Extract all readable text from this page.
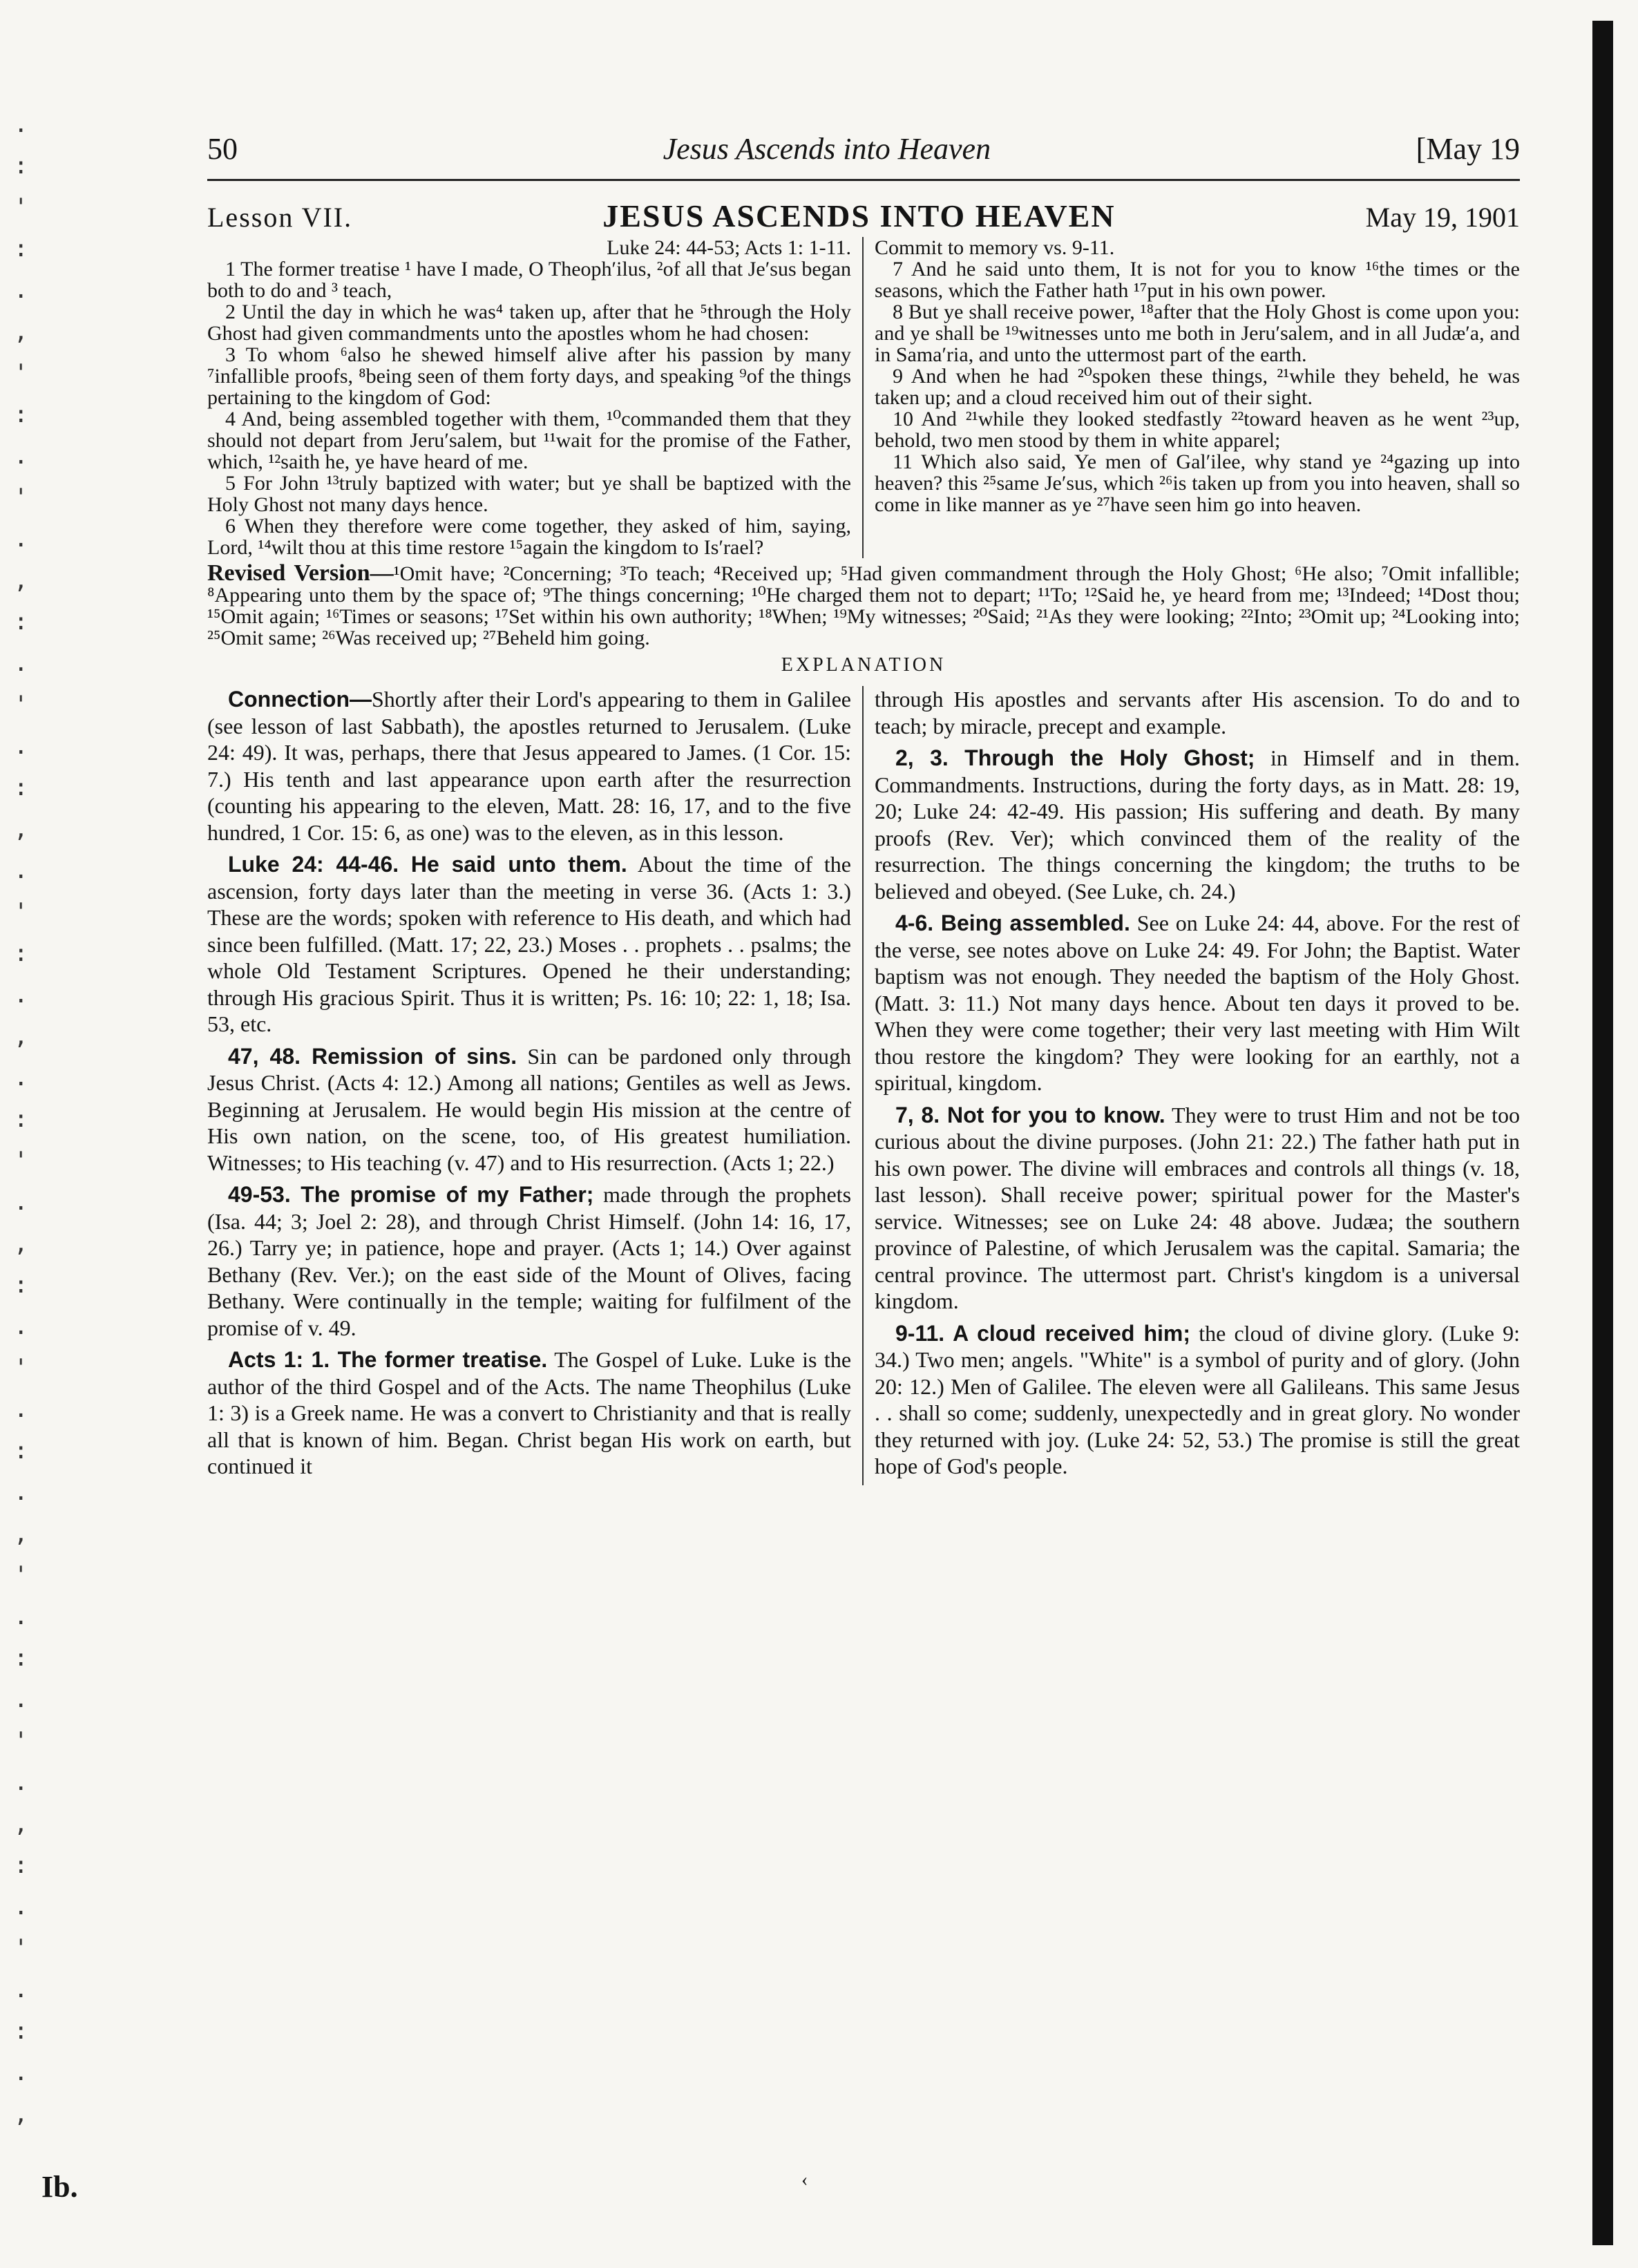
.
:
'
:
.
,
'
:
.
'
.
,
:
.
'
.
:
,
.
'
:
.
,
.
:
'
.
,
:
.
'
.
:
.
,
'
.
:
.
'
.
,
:
.
'
.
:
.
,
50	Jesus Ascends into Heaven	[May 19
Lesson VII.	JESUS ASCENDS INTO HEAVEN	May 19, 1901
Luke 24: 44-53; Acts 1: 1-11.

1 The former treatise ¹ have I made, O Theoph′ilus, ²of all that Je′sus began both to do and ³ teach,

2 Until the day in which he was⁴ taken up, after that he ⁵through the Holy Ghost had given commandments unto the apostles whom he had chosen:

3 To whom ⁶also he shewed himself alive after his passion by many ⁷infallible proofs, ⁸being seen of them forty days, and speaking ⁹of the things pertaining to the kingdom of God:

4 And, being assembled together with them, ¹⁰commanded them that they should not depart from Jeru′salem, but ¹¹wait for the promise of the Father, which, ¹²saith he, ye have heard of me.

5 For John ¹³truly baptized with water; but ye shall be baptized with the Holy Ghost not many days hence.

6 When they therefore were come together, they asked of him, saying, Lord, ¹⁴wilt thou at this time restore ¹⁵again the kingdom to Is′rael?

Commit to memory vs. 9-11.

7 And he said unto them, It is not for you to know ¹⁶the times or the seasons, which the Father hath ¹⁷put in his own power.

8 But ye shall receive power, ¹⁸after that the Holy Ghost is come upon you: and ye shall be ¹⁹witnesses unto me both in Jeru′salem, and in all Judæ′a, and in Sama′ria, and unto the uttermost part of the earth.

9 And when he had ²⁰spoken these things, ²¹while they beheld, he was taken up; and a cloud received him out of their sight.

10 And ²¹while they looked stedfastly ²²toward heaven as he went ²³up, behold, two men stood by them in white apparel;

11 Which also said, Ye men of Gal′ilee, why stand ye ²⁴gazing up into heaven? this ²⁵same Je′sus, which ²⁶is taken up from you into heaven, shall so come in like manner as ye ²⁷have seen him go into heaven.

Revised Version—¹Omit have; ²Concerning; ³To teach; ⁴Received up; ⁵Had given commandment through the Holy Ghost; ⁶He also; ⁷Omit infallible; ⁸Appearing unto them by the space of; ⁹The things concerning; ¹⁰He charged them not to depart; ¹¹To; ¹²Said he, ye heard from me; ¹³Indeed; ¹⁴Dost thou; ¹⁵Omit again; ¹⁶Times or seasons; ¹⁷Set within his own authority; ¹⁸When; ¹⁹My witnesses; ²⁰Said; ²¹As they were looking; ²²Into; ²³Omit up; ²⁴Looking into; ²⁵Omit same; ²⁶Was received up; ²⁷Beheld him going.
EXPLANATION

Connection—Shortly after their Lord's appearing to them in Galilee (see lesson of last Sabbath), the apostles returned to Jerusalem. (Luke 24: 49). It was, perhaps, there that Jesus appeared to James. (1 Cor. 15: 7.) His tenth and last appearance upon earth after the resurrection (counting his appearing to the eleven, Matt. 28: 16, 17, and to the five hundred, 1 Cor. 15: 6, as one) was to the eleven, as in this lesson.

Luke 24: 44-46. He said unto them. About the time of the ascension, forty days later than the meeting in verse 36. (Acts 1: 3.) These are the words; spoken with reference to His death, and which had since been fulfilled. (Matt. 17; 22, 23.) Moses . . prophets . . psalms; the whole Old Testament Scriptures. Opened he their understanding; through His gracious Spirit. Thus it is written; Ps. 16: 10; 22: 1, 18; Isa. 53, etc.

47, 48. Remission of sins. Sin can be pardoned only through Jesus Christ. (Acts 4: 12.) Among all nations; Gentiles as well as Jews. Beginning at Jerusalem. He would begin His mission at the centre of His own nation, on the scene, too, of His greatest humiliation. Witnesses; to His teaching (v. 47) and to His resurrection. (Acts 1; 22.)

49-53. The promise of my Father; made through the prophets (Isa. 44; 3; Joel 2: 28), and through Christ Himself. (John 14: 16, 17, 26.) Tarry ye; in patience, hope and prayer. (Acts 1; 14.) Over against Bethany (Rev. Ver.); on the east side of the Mount of Olives, facing Bethany. Were continually in the temple; waiting for fulfilment of the promise of v. 49.

Acts 1: 1. The former treatise. The Gospel of Luke. Luke is the author of the third Gospel and of the Acts. The name Theophilus (Luke 1: 3) is a Greek name. He was a convert to Christianity and that is really all that is known of him. Began. Christ began His work on earth, but continued it

through His apostles and servants after His ascension. To do and to teach; by miracle, precept and example.

2, 3. Through the Holy Ghost; in Himself and in them. Commandments. Instructions, during the forty days, as in Matt. 28: 19, 20; Luke 24: 42-49. His passion; His suffering and death. By many proofs (Rev. Ver); which convinced them of the reality of the resurrection. The things concerning the kingdom; the truths to be believed and obeyed. (See Luke, ch. 24.)

4-6. Being assembled. See on Luke 24: 44, above. For the rest of the verse, see notes above on Luke 24: 49. For John; the Baptist. Water baptism was not enough. They needed the baptism of the Holy Ghost. (Matt. 3: 11.) Not many days hence. About ten days it proved to be. When they were come together; their very last meeting with Him Wilt thou restore the kingdom? They were looking for an earthly, not a spiritual, kingdom.

7, 8. Not for you to know. They were to trust Him and not be too curious about the divine purposes. (John 21: 22.) The father hath put in his own power. The divine will embraces and controls all things (v. 18, last lesson). Shall receive power; spiritual power for the Master's service. Witnesses; see on Luke 24: 48 above. Judæa; the southern province of Palestine, of which Jerusalem was the capital. Samaria; the central province. The uttermost part. Christ's kingdom is a universal kingdom.

9-11. A cloud received him; the cloud of divine glory. (Luke 9: 34.) Two men; angels. "White" is a symbol of purity and of glory. (John 20: 12.) Men of Galilee. The eleven were all Galileans. This same Jesus . . shall so come; suddenly, unexpectedly and in great glory. No wonder they returned with joy. (Luke 24: 52, 53.) The promise is still the great hope of God's people.

‹
Ib.
